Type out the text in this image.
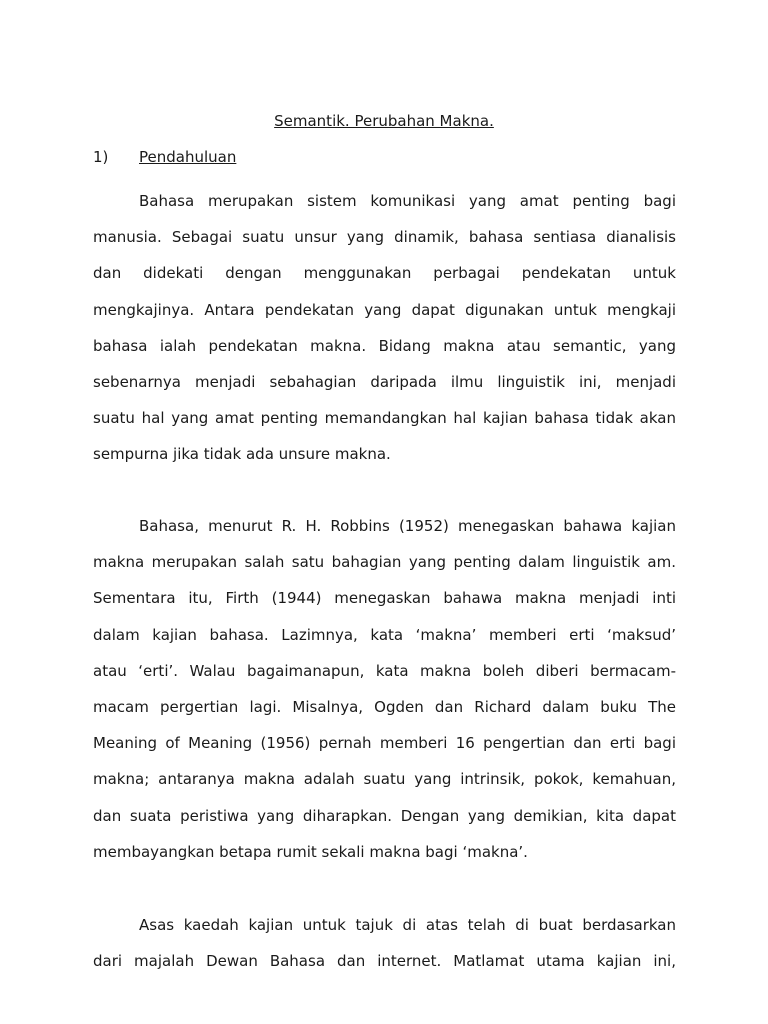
Semantik. Perubahan Makna.
1) Pendahuluan
Bahasa merupakan sistem komunikasi yang amat penting bagi
manusia. Sebagai suatu unsur yang dinamik, bahasa sentiasa dianalisis
dan didekati dengan menggunakan perbagai pendekatan untuk
mengkajinya. Antara pendekatan yang dapat digunakan untuk mengkaji
bahasa ialah pendekatan makna. Bidang makna atau semantic, yang
sebenarnya menjadi sebahagian daripada ilmu linguistik ini, menjadi
suatu hal yang amat penting memandangkan hal kajian bahasa tidak akan
sempurna jika tidak ada unsure makna.
Bahasa, menurut R. H. Robbins (1952) menegaskan bahawa kajian
makna merupakan salah satu bahagian yang penting dalam linguistik am.
Sementara itu, Firth (1944) menegaskan bahawa makna menjadi inti
dalam kajian bahasa. Lazimnya, kata ‘makna’ memberi erti ‘maksud’
atau ‘erti’. Walau bagaimanapun, kata makna boleh diberi bermacam-
macam pergertian lagi. Misalnya, Ogden dan Richard dalam buku The
Meaning of Meaning (1956) pernah memberi 16 pengertian dan erti bagi
makna; antaranya makna adalah suatu yang intrinsik, pokok, kemahuan,
dan suata peristiwa yang diharapkan. Dengan yang demikian, kita dapat
membayangkan betapa rumit sekali makna bagi ‘makna’.
Asas kaedah kajian untuk tajuk di atas telah di buat berdasarkan
dari majalah Dewan Bahasa dan internet. Matlamat utama kajian ini,
